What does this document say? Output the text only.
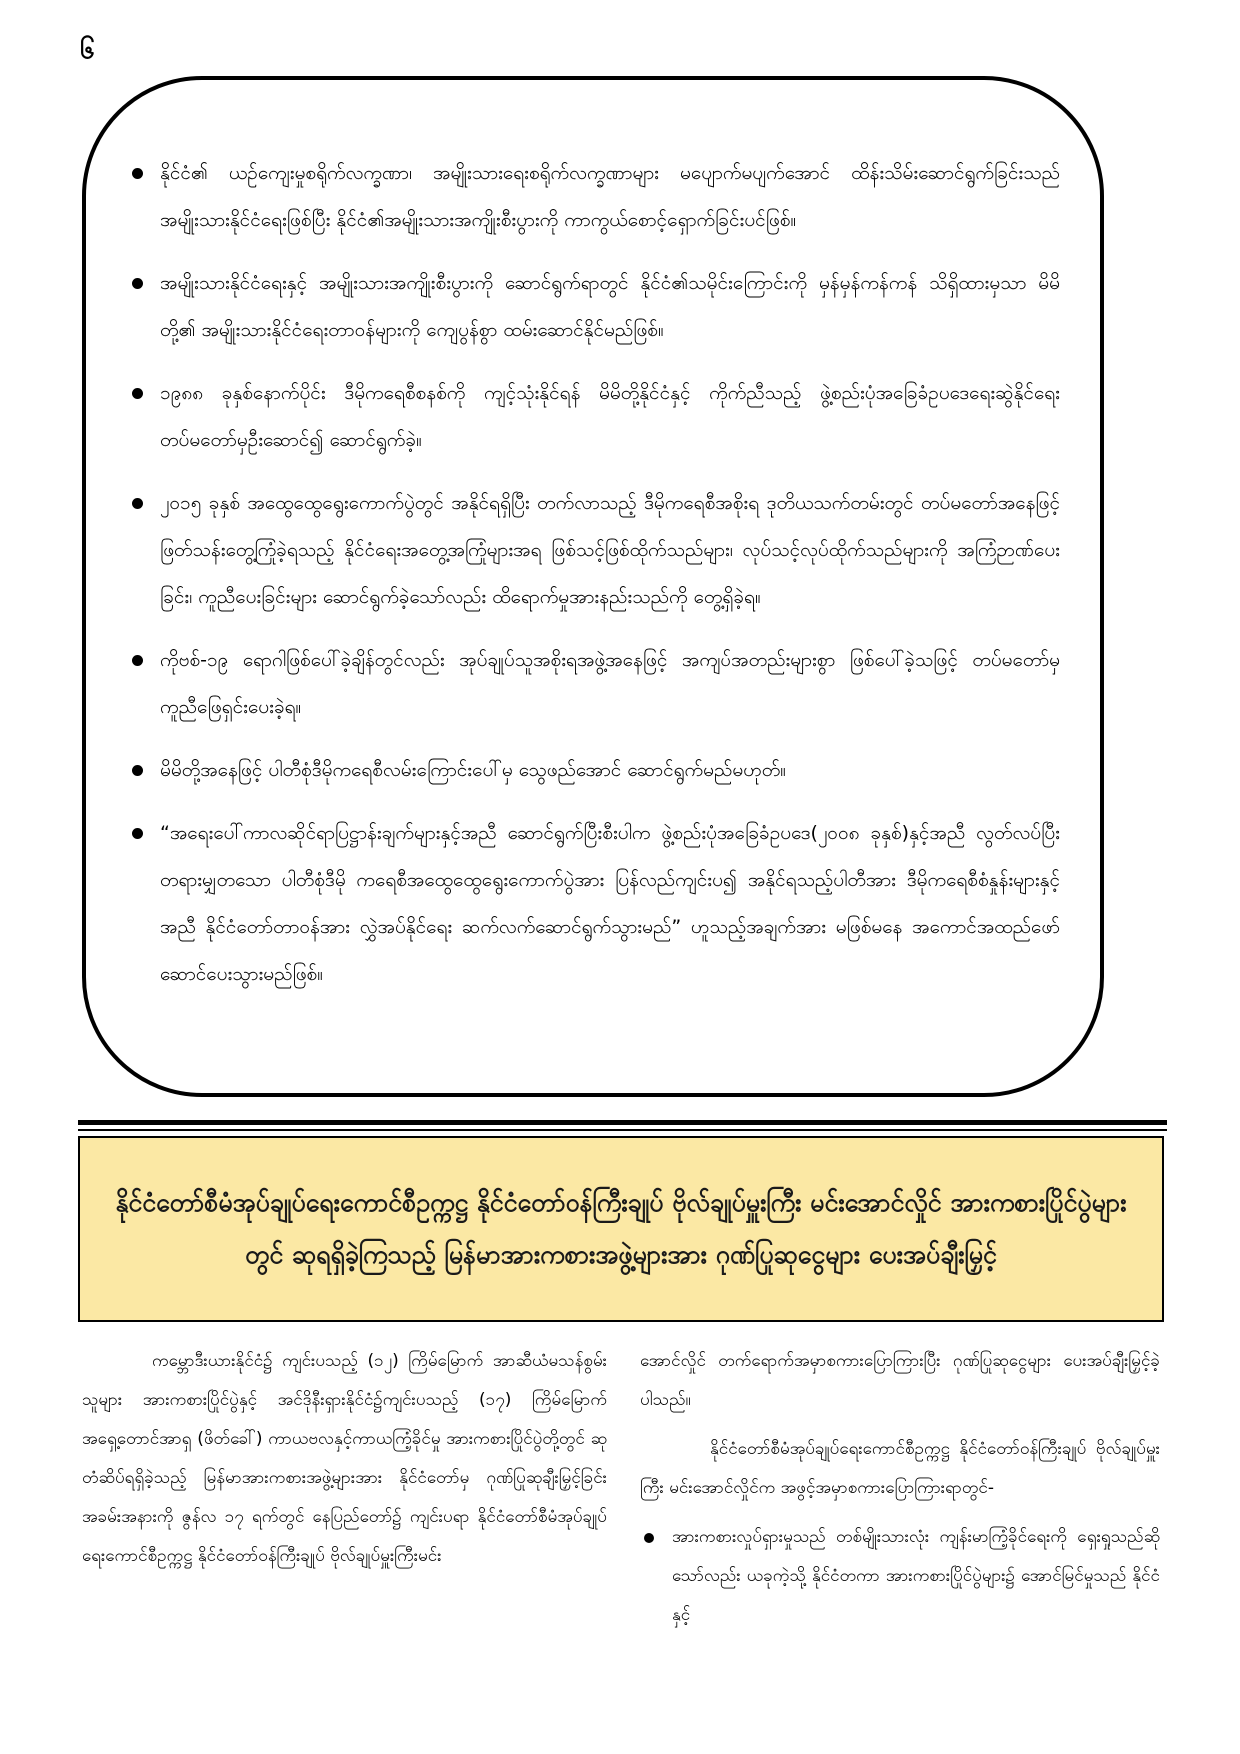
၆
နိုင်ငံ၏ ယဉ်ကျေးမှုစရိုက်လက္ခဏာ၊ အမျိုးသားရေးစရိုက်လက္ခဏာများ မပျောက်မပျက်အောင် ထိန်းသိမ်းဆောင်ရွက်ခြင်းသည် အမျိုးသားနိုင်ငံရေးဖြစ်ပြီး နိုင်ငံ၏အမျိုးသားအကျိုးစီးပွားကို ကာကွယ်စောင့်ရှောက်ခြင်းပင်ဖြစ်။
အမျိုးသားနိုင်ငံရေးနှင့် အမျိုးသားအကျိုးစီးပွားကို ဆောင်ရွက်ရာတွင် နိုင်ငံ၏သမိုင်းကြောင်းကို မှန်မှန်ကန်ကန် သိရှိထားမှသာ မိမိတို့၏ အမျိုးသားနိုင်ငံရေးတာဝန်များကို ကျေပွန်စွာ ထမ်းဆောင်နိုင်မည်ဖြစ်။
၁၉၈၈ ခုနှစ်နောက်ပိုင်း ဒီမိုကရေစီစနစ်ကို ကျင့်သုံးနိုင်ရန် မိမိတို့နိုင်ငံနှင့် ကိုက်ညီသည့် ဖွဲ့စည်းပုံအခြေခံဥပဒေရေးဆွဲနိုင်ရေး တပ်မတော်မှဦးဆောင်၍ ဆောင်ရွက်ခဲ့။
၂၀၁၅ ခုနှစ် အထွေထွေရွေးကောက်ပွဲတွင် အနိုင်ရရှိပြီး တက်လာသည့် ဒီမိုကရေစီအစိုးရ ဒုတိယသက်တမ်းတွင် တပ်မတော်အနေဖြင့် ဖြတ်သန်းတွေ့ကြုံခဲ့ရသည့် နိုင်ငံရေးအတွေ့အကြုံများအရ ဖြစ်သင့်ဖြစ်ထိုက်သည်များ၊ လုပ်သင့်လုပ်ထိုက်သည်များကို အကြံဉာဏ်ပေးခြင်း၊ ကူညီပေးခြင်းများ ဆောင်ရွက်ခဲ့သော်လည်း ထိရောက်မှုအားနည်းသည်ကို တွေ့ရှိခဲ့ရ။
ကိုဗစ်-၁၉ ရောဂါဖြစ်ပေါ်ခဲ့ချိန်တွင်လည်း အုပ်ချုပ်သူအစိုးရအဖွဲ့အနေဖြင့် အကျပ်အတည်းများစွာ ဖြစ်ပေါ်ခဲ့သဖြင့် တပ်မတော်မှ ကူညီဖြေရှင်းပေးခဲ့ရ။
မိမိတို့အနေဖြင့် ပါတီစုံဒီမိုကရေစီလမ်းကြောင်းပေါ်မှ သွေဖည်အောင် ဆောင်ရွက်မည်မဟုတ်။
“အရေးပေါ်ကာလဆိုင်ရာပြဋ္ဌာန်းချက်များနှင့်အညီ ဆောင်ရွက်ပြီးစီးပါက ဖွဲ့စည်းပုံအခြေခံဥပဒေ(၂၀၀၈ ခုနှစ်)နှင့်အညီ လွတ်လပ်ပြီး တရားမျှတသော ပါတီစုံဒီမို ကရေစီအထွေထွေရွေးကောက်ပွဲအား ပြန်လည်ကျင်းပ၍ အနိုင်ရသည့်ပါတီအား ဒီမိုကရေစီစံနှုန်းများနှင့်အညီ နိုင်ငံတော်တာဝန်အား လွှဲအပ်နိုင်ရေး ဆက်လက်ဆောင်ရွက်သွားမည်” ဟူသည့်အချက်အား မဖြစ်မနေ အကောင်အထည်ဖော်ဆောင်ပေးသွားမည်ဖြစ်။
နိုင်ငံတော်စီမံအုပ်ချုပ်ရေးကောင်စီဥက္ကဋ္ဌ နိုင်ငံတော်ဝန်ကြီးချုပ် ဗိုလ်ချုပ်မှူးကြီး မင်းအောင်လှိုင် အားကစားပြိုင်ပွဲများတွင် ဆုရရှိခဲ့ကြသည့် မြန်မာအားကစားအဖွဲ့များအား ဂုဏ်ပြုဆုငွေများ ပေးအပ်ချီးမြှင့်

ကမ္ဘောဒီးယားနိုင်ငံ၌ ကျင်းပသည့် (၁၂) ကြိမ်မြောက် အာဆီယံမသန်စွမ်းသူများ အားကစားပြိုင်ပွဲနှင့် အင်ဒိုနီးရှားနိုင်ငံ၌ကျင်းပသည့် (၁၇) ကြိမ်မြောက် အရှေ့တောင်အာရှ (ဖိတ်ခေါ်) ကာယဗလနှင့်ကာယကြံ့ခိုင်မှု အားကစားပြိုင်ပွဲတို့တွင် ဆုတံဆိပ်ရရှိခဲ့သည့် မြန်မာအားကစားအဖွဲ့များအား နိုင်ငံတော်မှ ဂုဏ်ပြုဆုချီးမြှင့်ခြင်းအခမ်းအနားကို ဇွန်လ ၁၇ ရက်တွင် နေပြည်တော်၌ ကျင်းပရာ နိုင်ငံတော်စီမံအုပ်ချုပ်ရေးကောင်စီဥက္ကဋ္ဌ နိုင်ငံတော်ဝန်ကြီးချုပ် ဗိုလ်ချုပ်မှူးကြီးမင်း

အောင်လှိုင် တက်ရောက်အမှာစကားပြောကြားပြီး ဂုဏ်ပြုဆုငွေများ ပေးအပ်ချီးမြှင့်ခဲ့ပါသည်။

နိုင်ငံတော်စီမံအုပ်ချုပ်ရေးကောင်စီဥက္ကဋ္ဌ နိုင်ငံတော်ဝန်ကြီးချုပ် ဗိုလ်ချုပ်မှူးကြီး မင်းအောင်လှိုင်က အဖွင့်အမှာစကားပြောကြားရာတွင်-

အားကစားလှုပ်ရှားမှုသည် တစ်မျိုးသားလုံး ကျန်းမာကြံ့ခိုင်ရေးကို ရှေးရှုသည်ဆိုသော်လည်း ယခုကဲ့သို့ နိုင်ငံတကာ အားကစားပြိုင်ပွဲများ၌ အောင်မြင်မှုသည် နိုင်ငံနှင့်
